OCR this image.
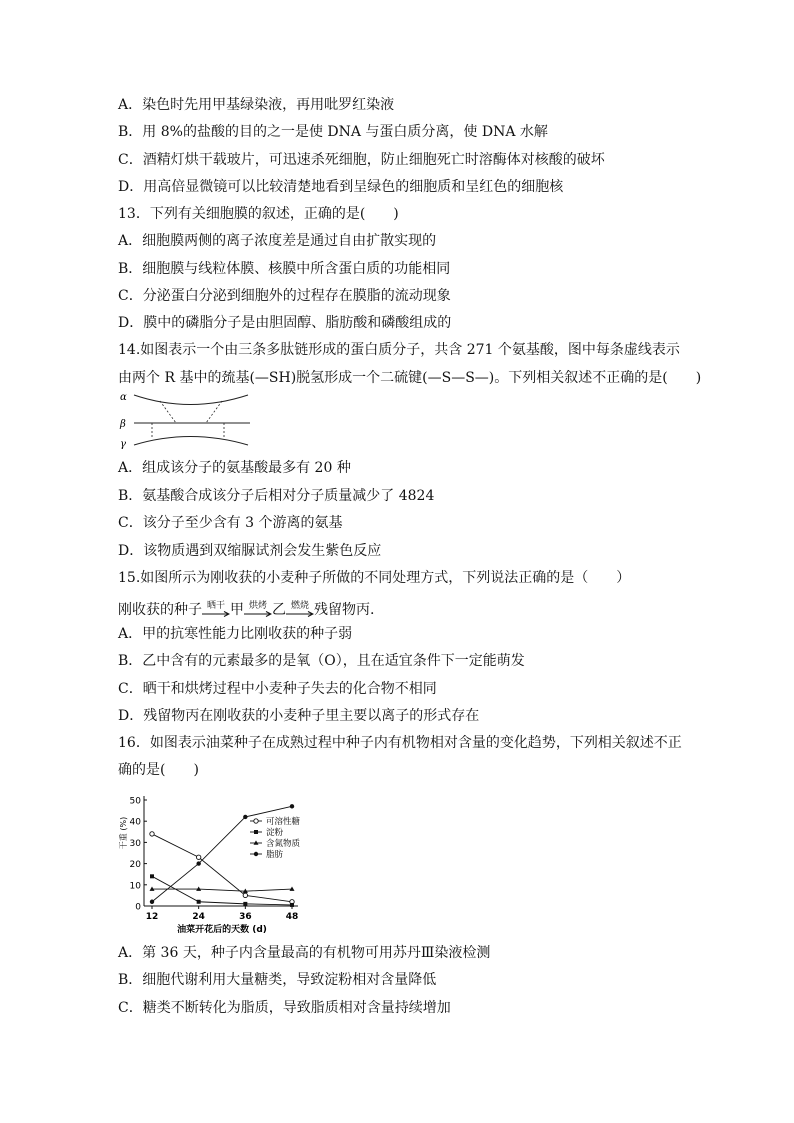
A．染色时先用甲基绿染液，再用吡罗红染液
B．用 8%的盐酸的目的之一是使 DNA 与蛋白质分离，使 DNA 水解
C．酒精灯烘干载玻片，可迅速杀死细胞，防止细胞死亡时溶酶体对核酸的破坏
D．用高倍显微镜可以比较清楚地看到呈绿色的细胞质和呈红色的细胞核
13．下列有关细胞膜的叙述，正确的是(　　)
A．细胞膜两侧的离子浓度差是通过自由扩散实现的
B．细胞膜与线粒体膜、核膜中所含蛋白质的功能相同
C．分泌蛋白分泌到细胞外的过程存在膜脂的流动现象
D．膜中的磷脂分子是由胆固醇、脂肪酸和磷酸组成的
14.如图表示一个由三条多肽链形成的蛋白质分子，共含 271 个氨基酸，图中每条虚线表示
由两个 R 基中的巯基(—SH)脱氢形成一个二硫键(—S—S—)。下列相关叙述不正确的是(　　)
α
β
γ
A．组成该分子的氨基酸最多有 20 种
B．氨基酸合成该分子后相对分子质量减少了 4824
C．该分子至少含有 3 个游离的氨基
D．该物质遇到双缩脲试剂会发生紫色反应
15.如图所示为刚收获的小麦种子所做的不同处理方式，下列说法正确的是（　　）
刚收获的种子 晒干 甲 烘烤 乙 燃烧 残留物丙.
A．甲的抗寒性能力比刚收获的种子弱
B．乙中含有的元素最多的是氧（O），且在适宜条件下一定能萌发
C．晒干和烘烤过程中小麦种子失去的化合物不相同
D．残留物丙在刚收获的小麦种子里主要以离子的形式存在
16．如图表示油菜种子在成熟过程中种子内有机物相对含量的变化趋势，下列相关叙述不正
确的是(　　)
0
10
20
30
40
50
12	24	36	48
油菜开花后的天数 (d)
干重 (%)	可溶性糖
淀粉
含氮物质
脂肪
A．第 36 天，种子内含量最高的有机物可用苏丹Ⅲ染液检测
B．细胞代谢利用大量糖类，导致淀粉相对含量降低
C．糖类不断转化为脂质，导致脂质相对含量持续增加
